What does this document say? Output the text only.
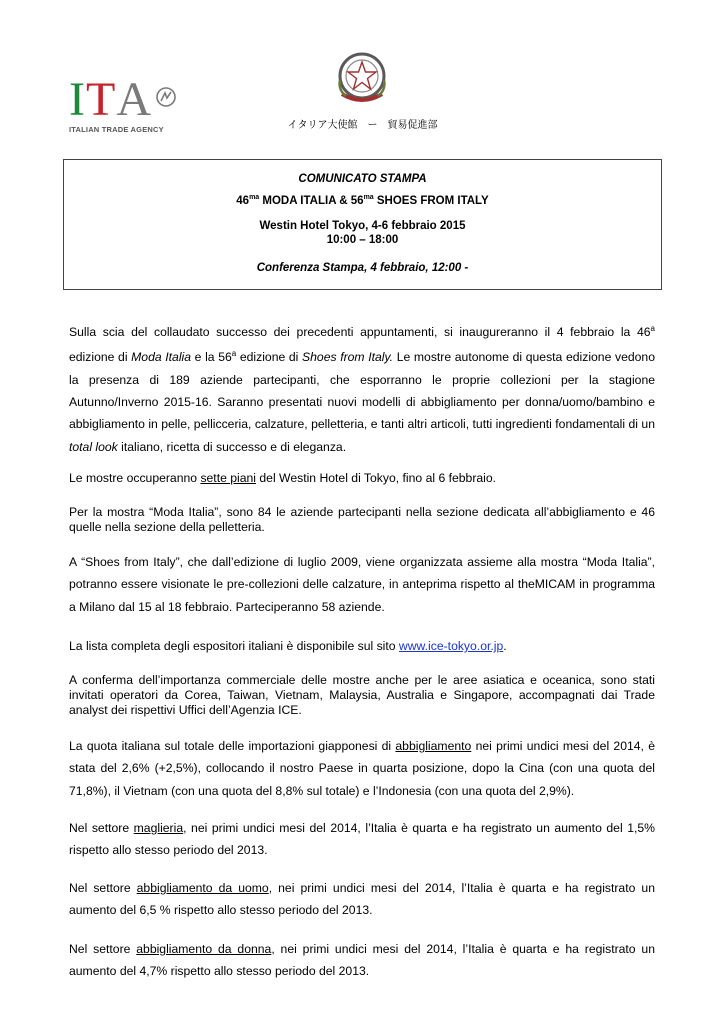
I T A
ITALIAN TRADE AGENCY	イタリア大使館　ー　貿易促進部
COMUNICATO STAMPA
$46^{ma}$ MODA ITALIA & $56^{ma}$ SHOES FROM ITALY
Westin Hotel Tokyo, 4-6 febbraio 2015
10:00 – 18:00
Conferenza Stampa, 4 febbraio, 12:00 -
Sulla scia del collaudato successo dei precedenti appuntamenti, si inaugureranno il 4 febbraio la 46$^a$ edizione di Moda Italia e la 56$^a$ edizione di Shoes from Italy. Le mostre autonome di questa edizione vedono la presenza di 189 aziende partecipanti, che esporranno le proprie collezioni per la stagione Autunno/Inverno 2015-16. Saranno presentati nuovi modelli di abbigliamento per donna/uomo/bambino e abbigliamento in pelle, pellicceria, calzature, pelletteria, e tanti altri articoli, tutti ingredienti fondamentali di un total look italiano, ricetta di successo e di eleganza.
Le mostre occuperanno sette piani del Westin Hotel di Tokyo, fino al 6 febbraio.
Per la mostra “Moda Italia”, sono 84 le aziende partecipanti nella sezione dedicata all’abbigliamento e 46 quelle nella sezione della pelletteria.
A “Shoes from Italy”, che dall’edizione di luglio 2009, viene organizzata assieme alla mostra “Moda Italia”, potranno essere visionate le pre-collezioni delle calzature, in anteprima rispetto al theMICAM in programma a Milano dal 15 al 18 febbraio. Parteciperanno 58 aziende.
La lista completa degli espositori italiani è disponibile sul sito www.ice-tokyo.or.jp.
A conferma dell’importanza commerciale delle mostre anche per le aree asiatica e oceanica, sono stati invitati operatori da Corea, Taiwan, Vietnam, Malaysia, Australia e Singapore, accompagnati dai Trade analyst dei rispettivi Uffici dell’Agenzia ICE.
La quota italiana sul totale delle importazioni giapponesi di abbigliamento nei primi undici mesi del 2014, è stata del 2,6% (+2,5%), collocando il nostro Paese in quarta posizione, dopo la Cina (con una quota del 71,8%), il Vietnam (con una quota del 8,8% sul totale) e l’Indonesia (con una quota del 2,9%).
Nel settore maglieria, nei primi undici mesi del 2014, l’Italia è quarta e ha registrato un aumento del 1,5% rispetto allo stesso periodo del 2013.
Nel settore abbigliamento da uomo, nei primi undici mesi del 2014, l’Italia è quarta e ha registrato un aumento del 6,5 % rispetto allo stesso periodo del 2013.
Nel settore abbigliamento da donna, nei primi undici mesi del 2014, l’Italia è quarta e ha registrato un aumento del 4,7% rispetto allo stesso periodo del 2013.
